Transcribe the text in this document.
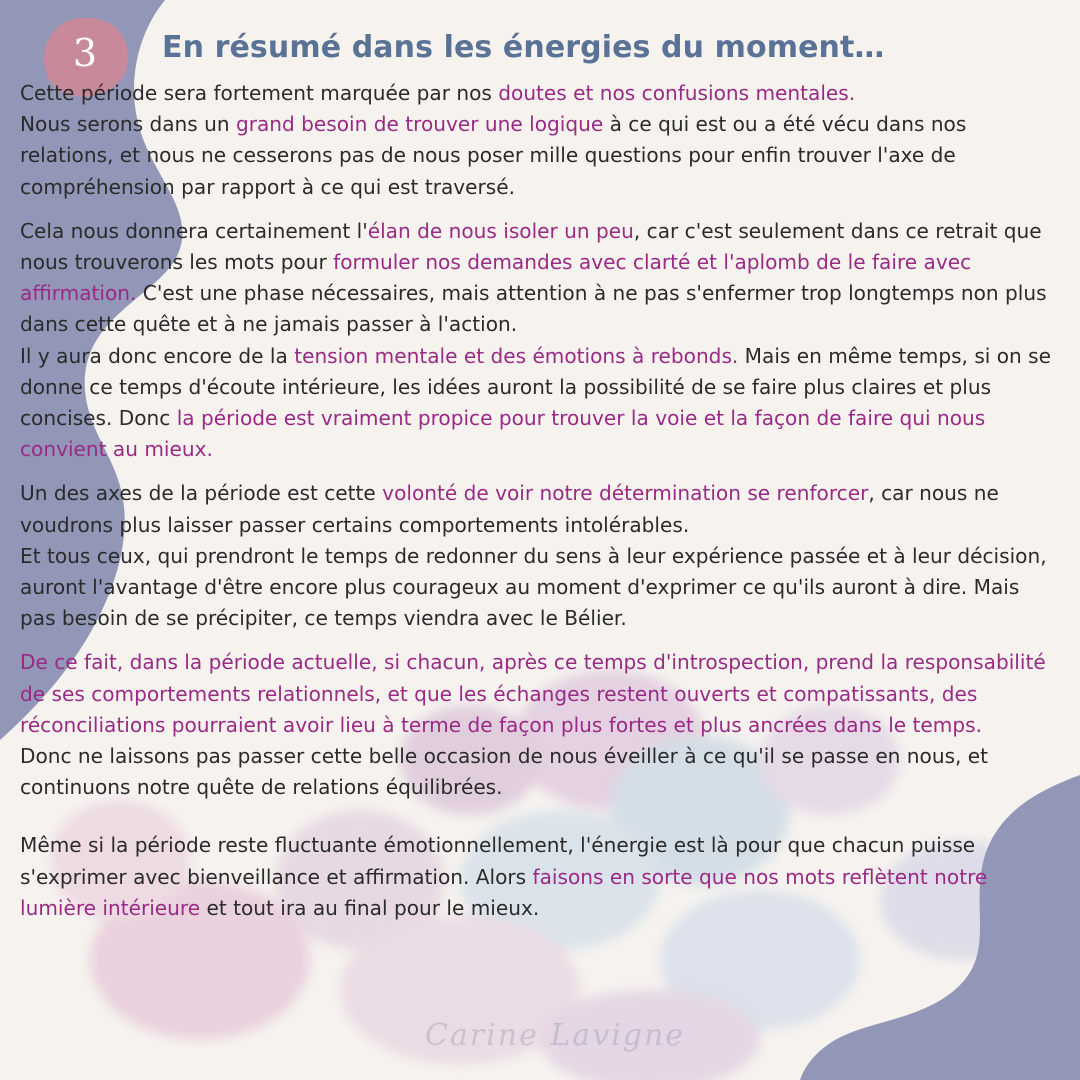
3	En résumé dans les énergies du moment…

Cette période sera fortement marquée par nos doutes et nos confusions mentales.
Nous serons dans un grand besoin de trouver une logique à ce qui est ou a été vécu dans nos relations, et nous ne cesserons pas de nous poser mille questions pour enfin trouver l'axe de compréhension par rapport à ce qui est traversé.

Cela nous donnera certainement l'élan de nous isoler un peu, car c'est seulement dans ce retrait que nous trouverons les mots pour formuler nos demandes avec clarté et l'aplomb de le faire avec affirmation. C'est une phase nécessaires, mais attention à ne pas s'enfermer trop longtemps non plus dans cette quête et à ne jamais passer à l'action.

Il y aura donc encore de la tension mentale et des émotions à rebonds. Mais en même temps, si on se donne ce temps d'écoute intérieure, les idées auront la possibilité de se faire plus claires et plus concises. Donc la période est vraiment propice pour trouver la voie et la façon de faire qui nous convient au mieux.

Un des axes de la période est cette volonté de voir notre détermination se renforcer, car nous ne voudrons plus laisser passer certains comportements intolérables.

Et tous ceux, qui prendront le temps de redonner du sens à leur expérience passée et à leur décision, auront l'avantage d'être encore plus courageux au moment d'exprimer ce qu'ils auront à dire. Mais pas besoin de se précipiter, ce temps viendra avec le Bélier.

De ce fait, dans la période actuelle, si chacun, après ce temps d'introspection, prend la responsabilité de ses comportements relationnels, et que les échanges restent ouverts et compatissants, des réconciliations pourraient avoir lieu à terme de façon plus fortes et plus ancrées dans le temps.

Donc ne laissons pas passer cette belle occasion de nous éveiller à ce qu'il se passe en nous, et continuons notre quête de relations équilibrées.

Même si la période reste fluctuante émotionnellement, l'énergie est là pour que chacun puisse s'exprimer avec bienveillance et affirmation. Alors faisons en sorte que nos mots reflètent notre lumière intérieure et tout ira au final pour le mieux.

Carine Lavigne
